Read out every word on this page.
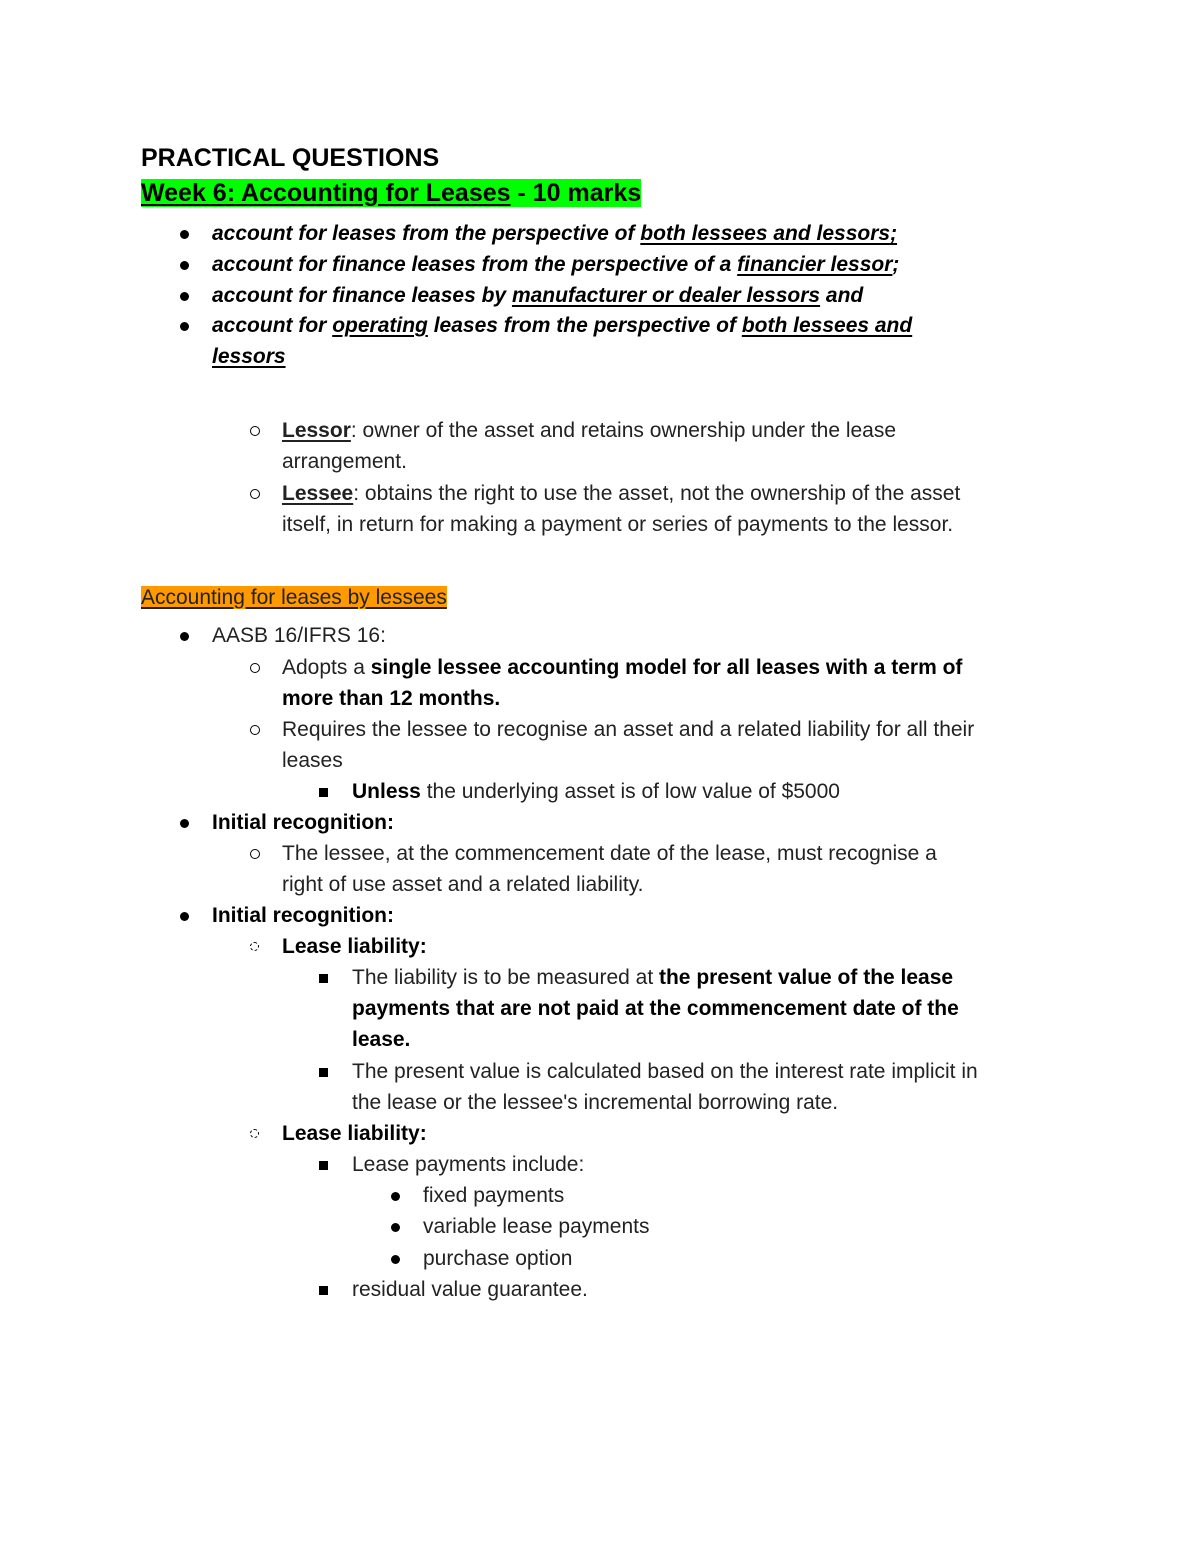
PRACTICAL QUESTIONS
Week 6: Accounting for Leases - 10 marks
account for leases from the perspective of both lessees and lessors;
account for finance leases from the perspective of a financier lessor;
account for finance leases by manufacturer or dealer lessors and
account for operating leases from the perspective of both lessees and
lessors
Lessor: owner of the asset and retains ownership under the lease
arrangement.
Lessee: obtains the right to use the asset, not the ownership of the asset
itself, in return for making a payment or series of payments to the lessor.
Accounting for leases by lessees
AASB 16/IFRS 16:
Adopts a single lessee accounting model for all leases with a term of
more than 12 months.
Requires the lessee to recognise an asset and a related liability for all their
leases
Unless the underlying asset is of low value of $5000
Initial recognition:
The lessee, at the commencement date of the lease, must recognise a
right of use asset and a related liability.
Initial recognition:
Lease liability:
The liability is to be measured at the present value of the lease
payments that are not paid at the commencement date of the
lease.
The present value is calculated based on the interest rate implicit in
the lease or the lessee's incremental borrowing rate.
Lease liability:
Lease payments include:
fixed payments
variable lease payments
purchase option
residual value guarantee.
